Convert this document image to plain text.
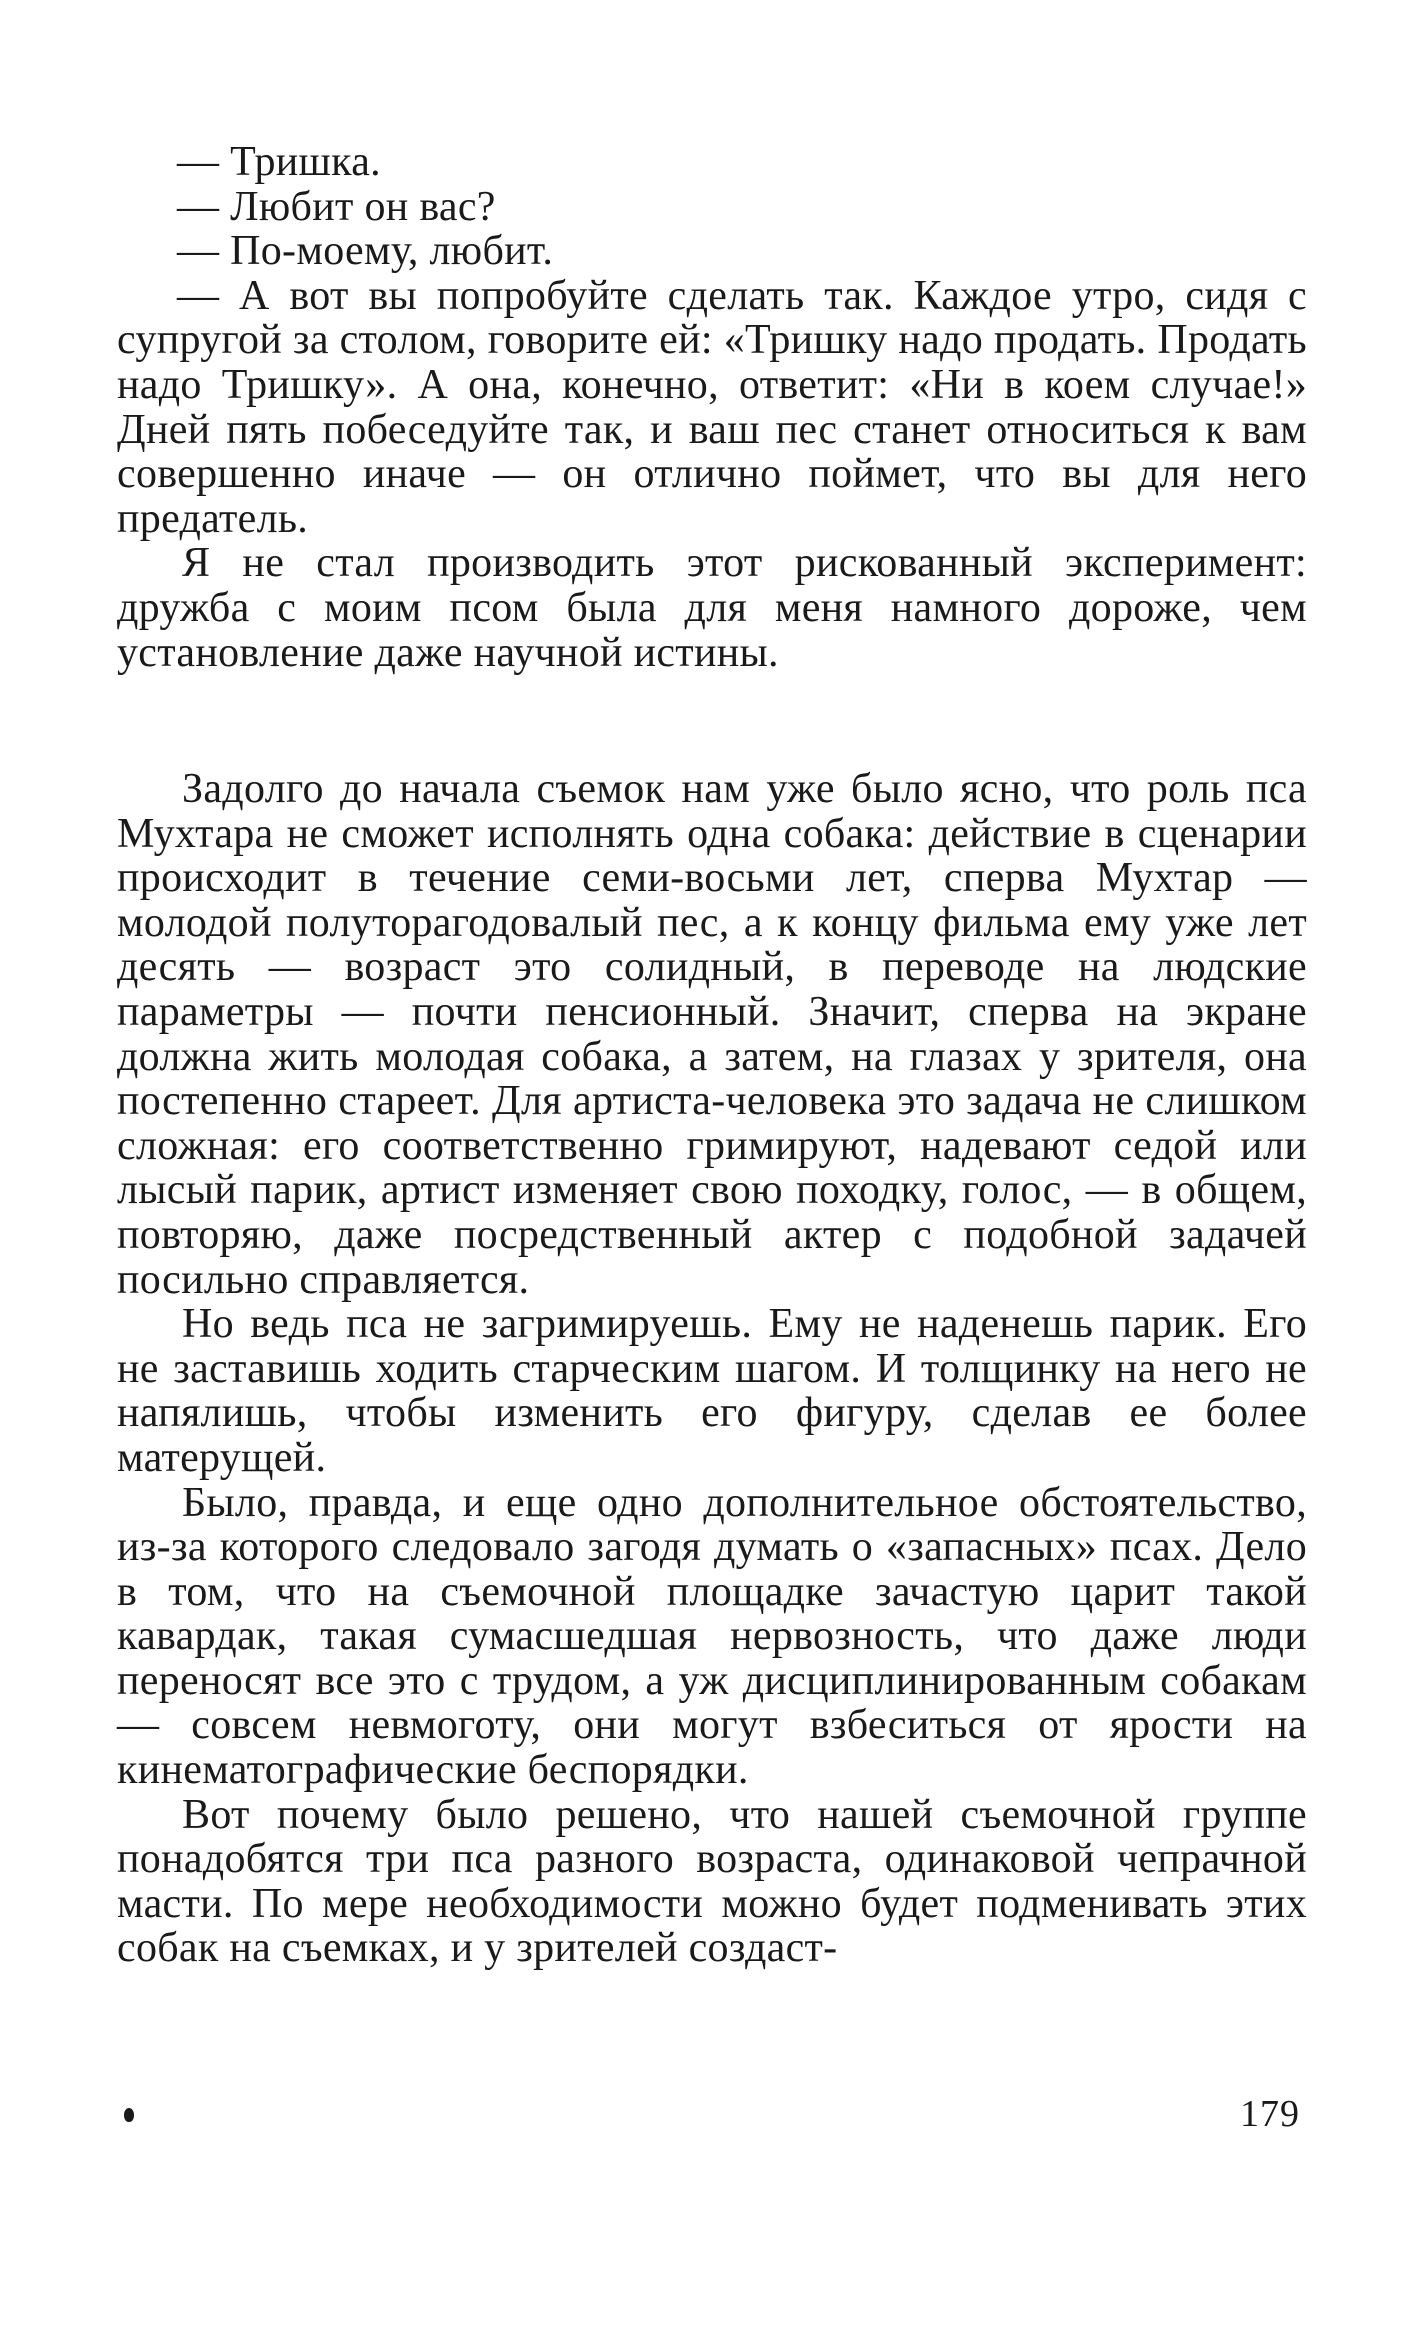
— Тришка.

— Любит он вас?

— По-моему, любит.

— А вот вы попробуйте сделать так. Каждое утро, сидя с супругой за столом, говорите ей: «Тришку надо продать. Продать надо Тришку». А она, конечно, ответит: «Ни в коем случае!» Дней пять побеседуйте так, и ваш пес станет относиться к вам совершенно иначе — он отлично поймет, что вы для него предатель.

Я не стал производить этот рискованный эксперимент: дружба с моим псом была для меня намного дороже, чем установление даже научной истины.

Задолго до начала съемок нам уже было ясно, что роль пса Мухтара не сможет исполнять одна собака: действие в сценарии происходит в течение семи-восьми лет, сперва Мухтар — молодой полуторагодовалый пес, а к концу фильма ему уже лет десять — возраст это солидный, в переводе на людские параметры — почти пенсионный. Значит, сперва на экране должна жить молодая собака, а затем, на глазах у зрителя, она постепенно стареет. Для артиста-человека это задача не слишком сложная: его соответственно гримируют, надевают седой или лысый парик, артист изменяет свою походку, голос, — в общем, повторяю, даже посредственный актер с подобной задачей посильно справляется.

Но ведь пса не загримируешь. Ему не наденешь парик. Его не заставишь ходить старческим шагом. И толщинку на него не напялишь, чтобы изменить его фигуру, сделав ее более матерущей.

Было, правда, и еще одно дополнительное обстоятельство, из-за которого следовало загодя думать о «запасных» псах. Дело в том, что на съемочной площадке зачастую царит такой кавардак, такая сумасшедшая нервозность, что даже люди переносят все это с трудом, а уж дисциплинированным собакам — совсем невмоготу, они могут взбеситься от ярости на кинематографические беспорядки.

Вот почему было решено, что нашей съемочной группе понадобятся три пса разного возраста, одинаковой чепрачной масти. По мере необходимости можно будет подменивать этих собак на съемках, и у зрителей создаст-

179
